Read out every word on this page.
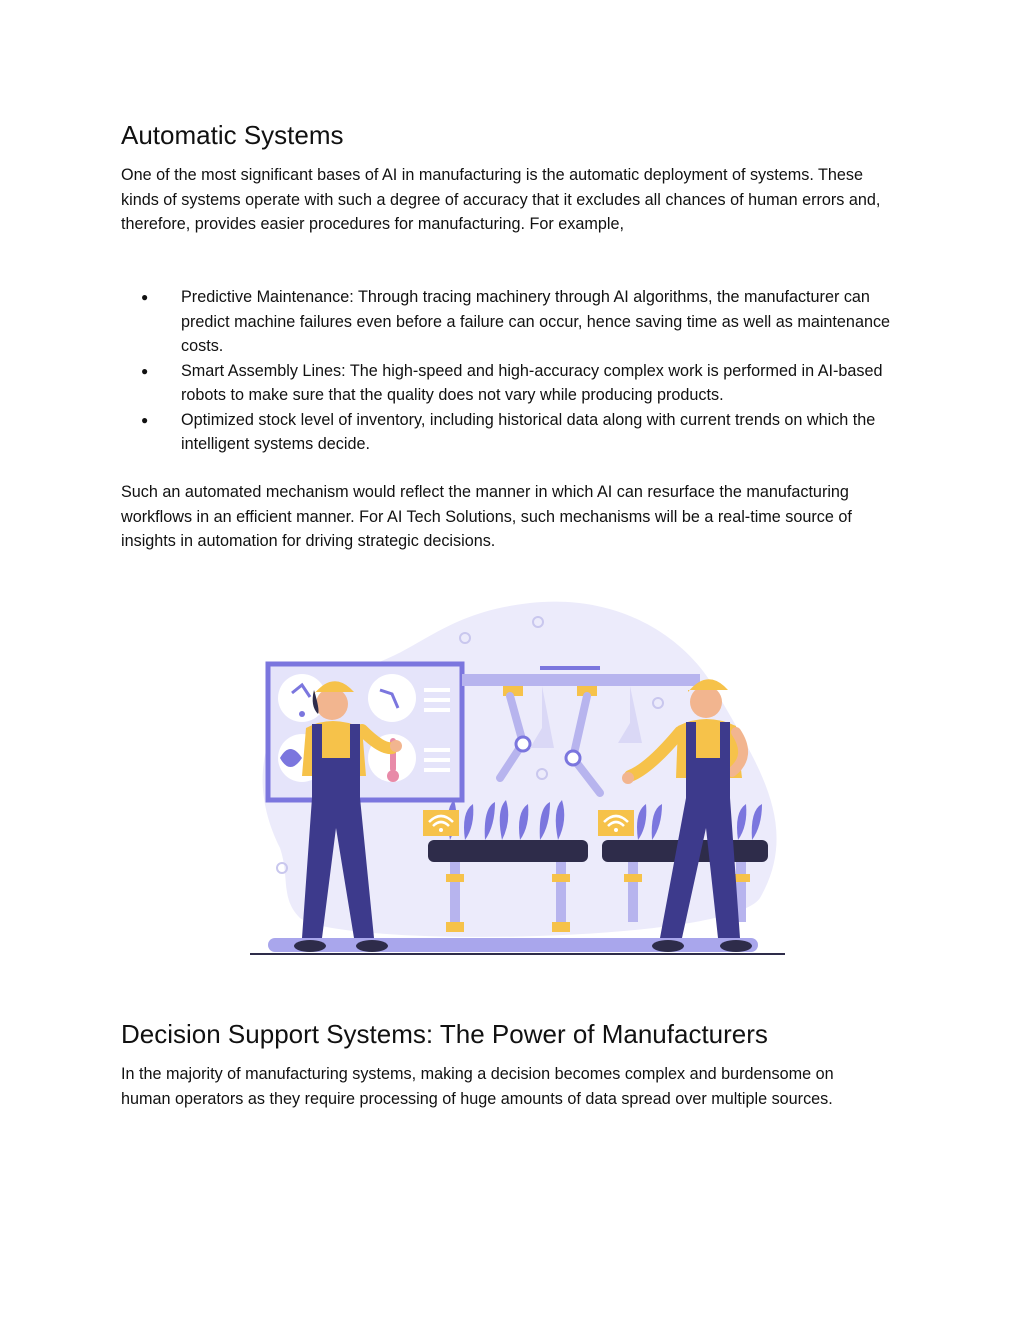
Automatic Systems

One of the most significant bases of AI in manufacturing is the automatic deployment of systems. These kinds of systems operate with such a degree of accuracy that it excludes all chances of human errors and, therefore, provides easier procedures for manufacturing. For example,

● Predictive Maintenance: Through tracing machinery through AI algorithms, the manufacturer can predict machine failures even before a failure can occur, hence saving time as well as maintenance costs.
● Smart Assembly Lines: The high-speed and high-accuracy complex work is performed in AI-based robots to make sure that the quality does not vary while producing products.
● Optimized stock level of inventory, including historical data along with current trends on which the intelligent systems decide.

Such an automated mechanism would reflect the manner in which AI can resurface the manufacturing workflows in an efficient manner. For AI Tech Solutions, such mechanisms will be a real-time source of insights in automation for driving strategic decisions.

Decision Support Systems: The Power of Manufacturers

In the majority of manufacturing systems, making a decision becomes complex and burdensome on human operators as they require processing of huge amounts of data spread over multiple sources.
